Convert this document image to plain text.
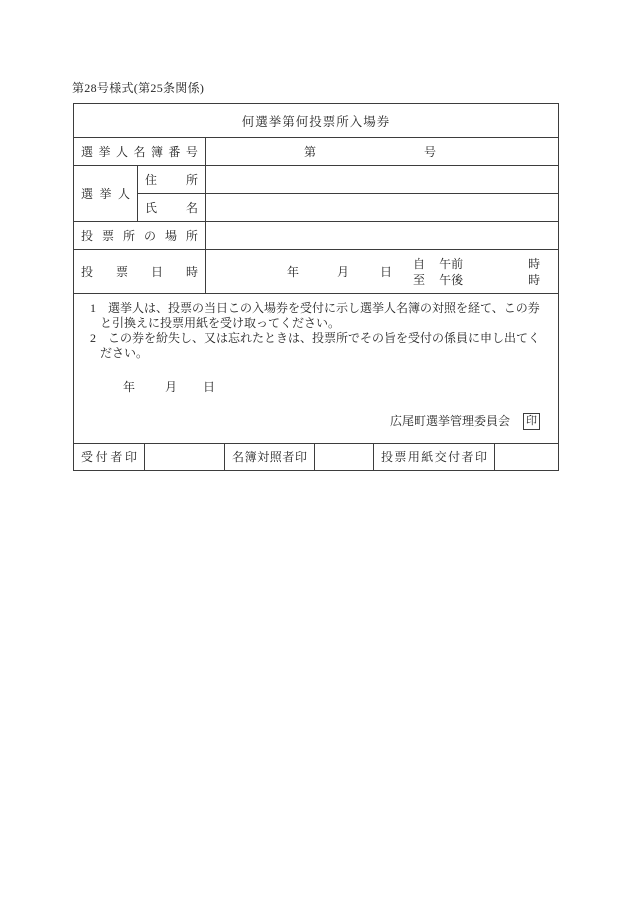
第28号様式(第25条関係)
何選挙第何投票所入場券		

選 挙 人 名 簿 番 号	第	号

選 挙 人	住 所	

	氏 名	

投 票 所 の 場 所

投 票 日 時	年	月	日
自 午前	時
至 午後	時

1　 選挙人は、投票の当日この入場券を受付に示し選挙人名簿の対照を経て、この券と引換えに投票用紙を受け取ってください。
2　 この券を紛失し、又は忘れたときは、投票所でその旨を受付の係員に申し出てください。
年	月 日
広尾町選挙管理委員会 印
受 付 者 印		名 簿 対 照 者 印		投 票 用 紙 交 付 者 印
